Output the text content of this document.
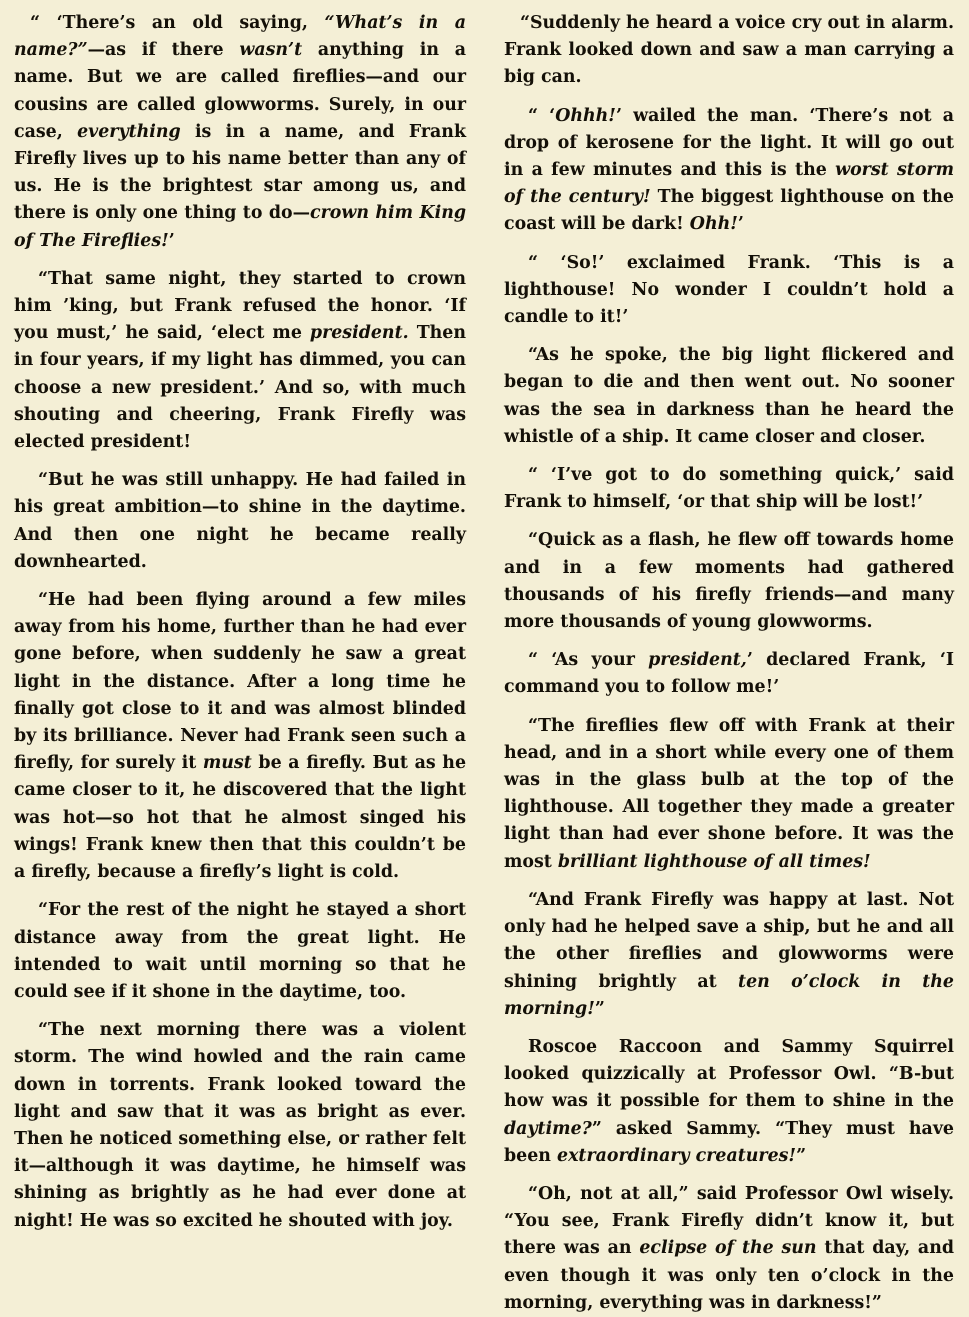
“ ‘There’s an old saying, “What’s in a name?”—as if there wasn’t anything in a name. But we are called fireflies—and our cousins are called glowworms. Surely, in our case, everything is in a name, and Frank Firefly lives up to his name better than any of us. He is the brightest star among us, and there is only one thing to do—crown him King of The Fireflies!’

“That same night, they started to crown him ’king, but Frank refused the honor. ‘If you must,’ he said, ‘elect me president. Then in four years, if my light has dimmed, you can choose a new president.’ And so, with much shouting and cheering, Frank Firefly was elected president!

“But he was still unhappy. He had failed in his great ambition—to shine in the daytime. And then one night he became really downhearted.

“He had been flying around a few miles away from his home, further than he had ever gone before, when suddenly he saw a great light in the distance. After a long time he finally got close to it and was almost blinded by its brilliance. Never had Frank seen such a firefly, for surely it must be a firefly. But as he came closer to it, he discovered that the light was hot—so hot that he almost singed his wings! Frank knew then that this couldn’t be a firefly, because a firefly’s light is cold.

“For the rest of the night he stayed a short distance away from the great light. He intended to wait until morning so that he could see if it shone in the daytime, too.

“The next morning there was a violent storm. The wind howled and the rain came down in torrents. Frank looked toward the light and saw that it was as bright as ever. Then he noticed something else, or rather felt it—although it was daytime, he himself was shining as brightly as he had ever done at night! He was so excited he shouted with joy.

“Suddenly he heard a voice cry out in alarm. Frank looked down and saw a man carrying a big can.

“ ‘Ohhh!’ wailed the man. ‘There’s not a drop of kerosene for the light. It will go out in a few minutes and this is the worst storm of the century! The biggest lighthouse on the coast will be dark! Ohh!’

“ ‘So!’ exclaimed Frank. ‘This is a lighthouse! No wonder I couldn’t hold a candle to it!’

“As he spoke, the big light flickered and began to die and then went out. No sooner was the sea in darkness than he heard the whistle of a ship. It came closer and closer.

“ ‘I’ve got to do something quick,’ said Frank to himself, ‘or that ship will be lost!’

“Quick as a flash, he flew off towards home and in a few moments had gathered thousands of his firefly friends—and many more thousands of young glowworms.

“ ‘As your president,’ declared Frank, ‘I command you to follow me!’

“The fireflies flew off with Frank at their head, and in a short while every one of them was in the glass bulb at the top of the lighthouse. All together they made a greater light than had ever shone before. It was the most brilliant lighthouse of all times!

“And Frank Firefly was happy at last. Not only had he helped save a ship, but he and all the other fireflies and glowworms were shining brightly at ten o’clock in the morning!”

Roscoe Raccoon and Sammy Squirrel looked quizzically at Professor Owl. “B-but how was it possible for them to shine in the daytime?” asked Sammy. “They must have been extraordinary creatures!”

“Oh, not at all,” said Professor Owl wisely. “You see, Frank Firefly didn’t know it, but there was an eclipse of the sun that day, and even though it was only ten o’clock in the morning, everything was in darkness!”
